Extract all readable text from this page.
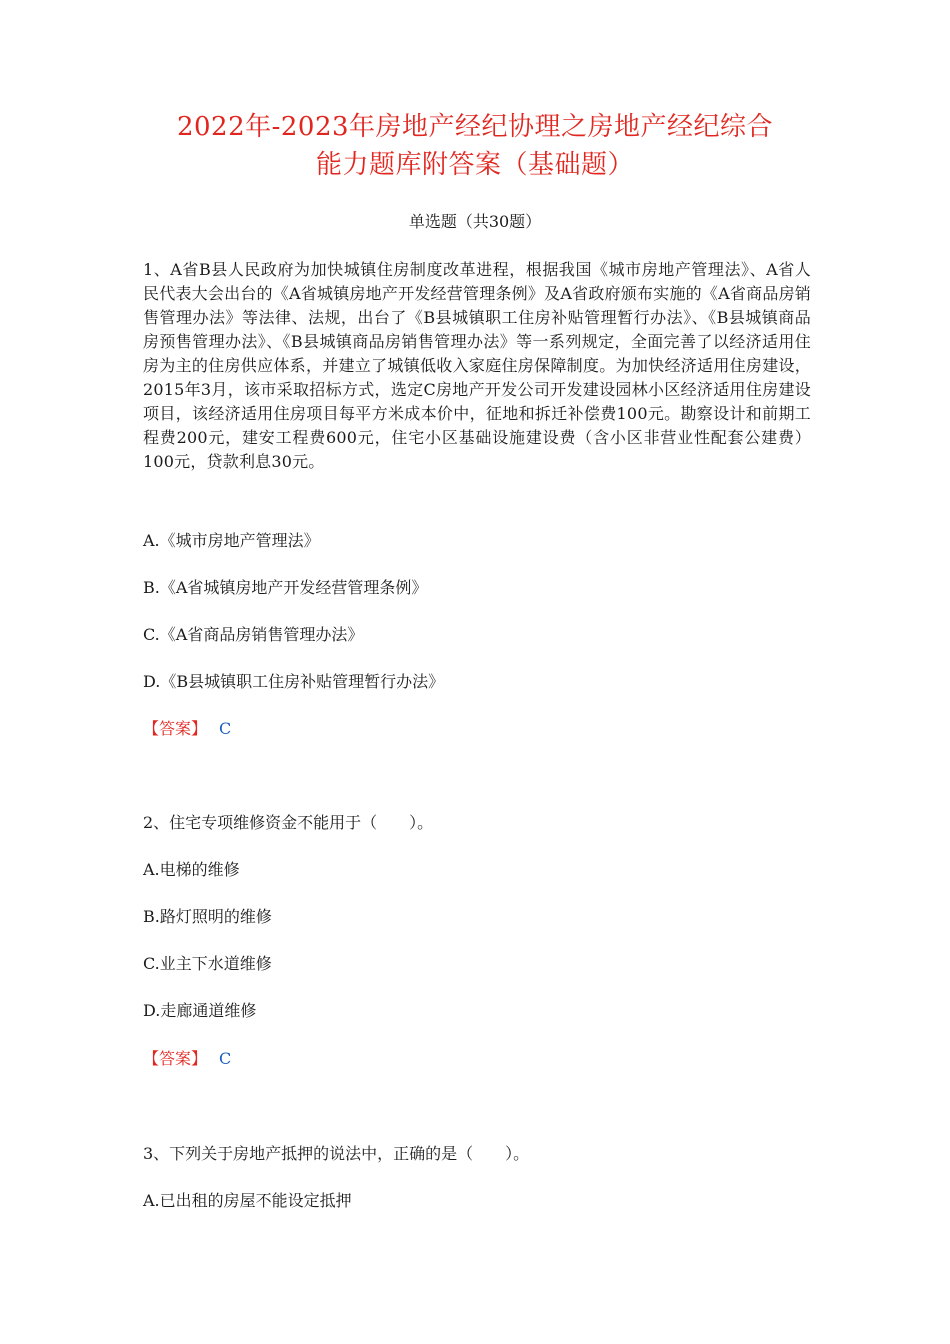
2022年-2023年房地产经纪协理之房地产经纪综合
能力题库附答案（基础题）
单选题（共30题）
1、A省B县人民政府为加快城镇住房制度改革进程，根据我国《城市房地产管理法》、A省人民代表大会出台的《A省城镇房地产开发经营管理条例》及A省政府颁布实施的《A省商品房销售管理办法》等法律、法规，出台了《B县城镇职工住房补贴管理暂行办法》、《B县城镇商品房预售管理办法》、《B县城镇商品房销售管理办法》等一系列规定，全面完善了以经济适用住房为主的住房供应体系，并建立了城镇低收入家庭住房保障制度。为加快经济适用住房建设，2015年3月，该市采取招标方式，选定C房地产开发公司开发建设园林小区经济适用住房建设项目，该经济适用住房项目每平方米成本价中，征地和拆迁补偿费100元。勘察设计和前期工程费200元，建安工程费600元，住宅小区基础设施建设费（含小区非营业性配套公建费）100元，贷款利息30元。
A.《城市房地产管理法》
B.《A省城镇房地产开发经营管理条例》
C.《A省商品房销售管理办法》
D.《B县城镇职工住房补贴管理暂行办法》
【答案】 C
2、住宅专项维修资金不能用于（　　）。
A.电梯的维修
B.路灯照明的维修
C.业主下水道维修
D.走廊通道维修
【答案】 C
3、下列关于房地产抵押的说法中，正确的是（　　）。
A.已出租的房屋不能设定抵押
